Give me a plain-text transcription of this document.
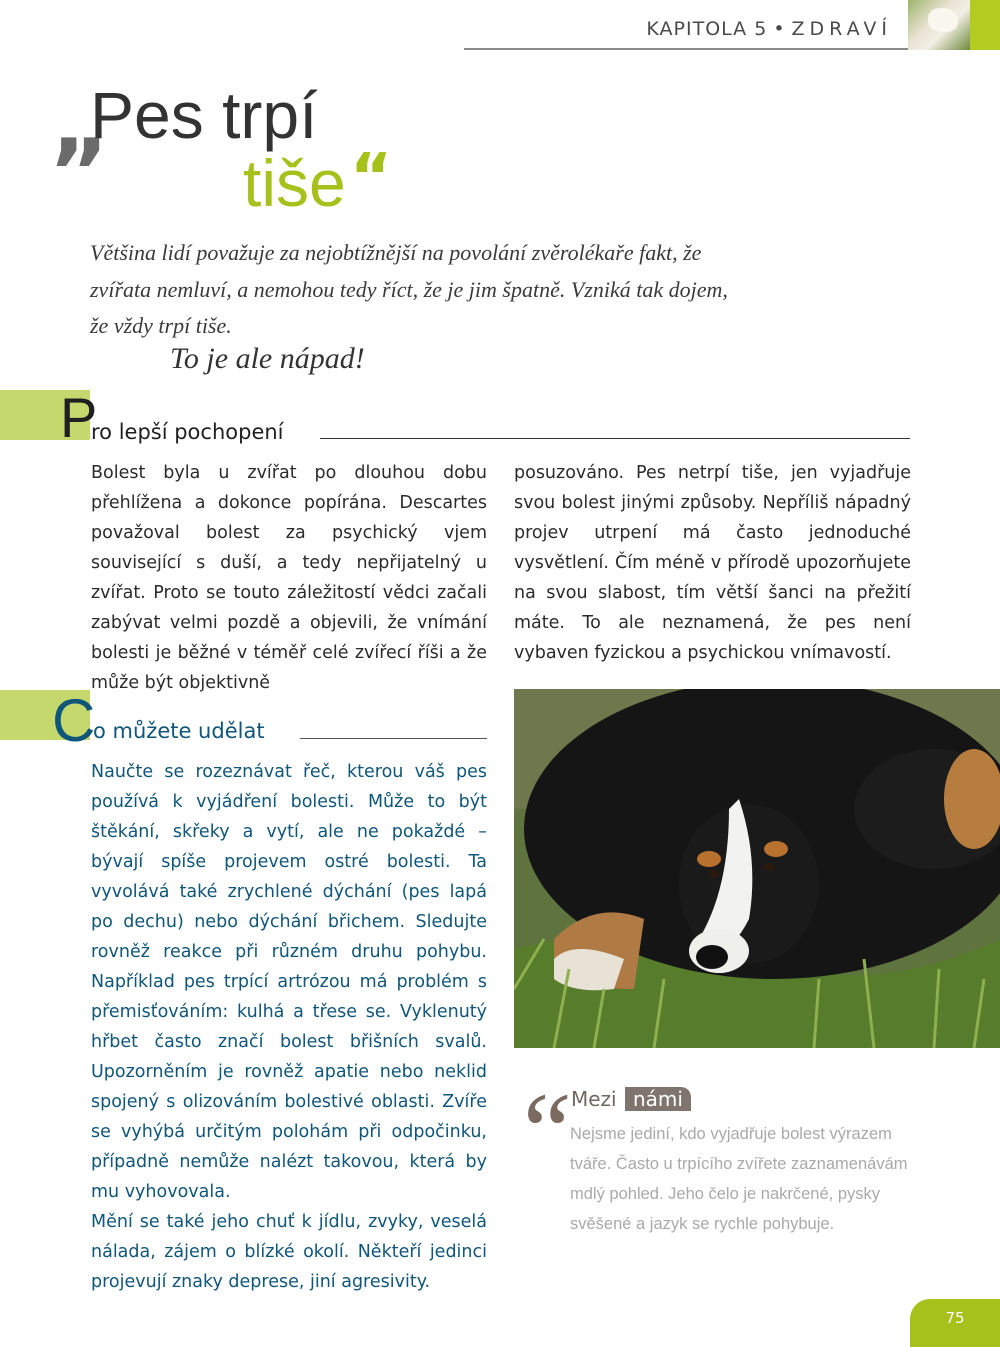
KAPITOLA 5 • ZDRAVÍ
„
Pes trpí
tiše “
Většina lidí považuje za nejobtížnější na povolání zvěrolékaře fakt, že zvířata nemluví, a nemohou tedy říct, že je jim špatně. Vzniká tak dojem, že vždy trpí tiše.
To je ale nápad!
P
ro lepší pochopení
Bolest byla u zvířat po dlouhou dobu přehlížena a dokonce popírána. Descartes považoval bolest za psychický vjem související s duší, a tedy nepřijatelný u zvířat. Proto se touto záležitostí vědci začali zabývat velmi pozdě a objevili, že vnímání bolesti je běžné v téměř celé zvířecí říši a že může být objektivně
posuzováno. Pes netrpí tiše, jen vyjadřuje svou bolest jinými způsoby. Nepříliš nápadný projev utrpení má často jednoduché vysvětlení. Čím méně v přírodě upozorňujete na svou slabost, tím větší šanci na přežití máte. To ale neznamená, že pes není vybaven fyzickou a psychickou vnímavostí.
C
o můžete udělat

Naučte se rozeznávat řeč, kterou váš pes používá k vyjádření bolesti. Může to být štěkání, skřeky a vytí, ale ne pokaždé – bývají spíše projevem ostré bolesti. Ta vyvolává také zrychlené dýchání (pes lapá po dechu) nebo dýchání břichem. Sledujte rovněž reakce při různém druhu pohybu. Například pes trpící artrózou má problém s přemisťováním: kulhá a třese se. Vyklenutý hřbet často značí bolest břišních svalů. Upozorněním je rovněž apatie nebo neklid spojený s olizováním bolestivé oblasti. Zvíře se vyhýbá určitým polohám při odpočinku, případně nemůže nalézt takovou, která by mu vyhovovala.

Mění se také jeho chuť k jídlu, zvyky, veselá nálada, zájem o blízké okolí. Někteří jedinci projevují znaky deprese, jiní agresivity.

“
Mezi námi
Nejsme jediní, kdo vyjadřuje bolest výrazem tváře. Často u trpícího zvířete zaznamenávám mdlý pohled. Jeho čelo je nakrčené, pysky svěšené a jazyk se rychle pohybuje.
75
